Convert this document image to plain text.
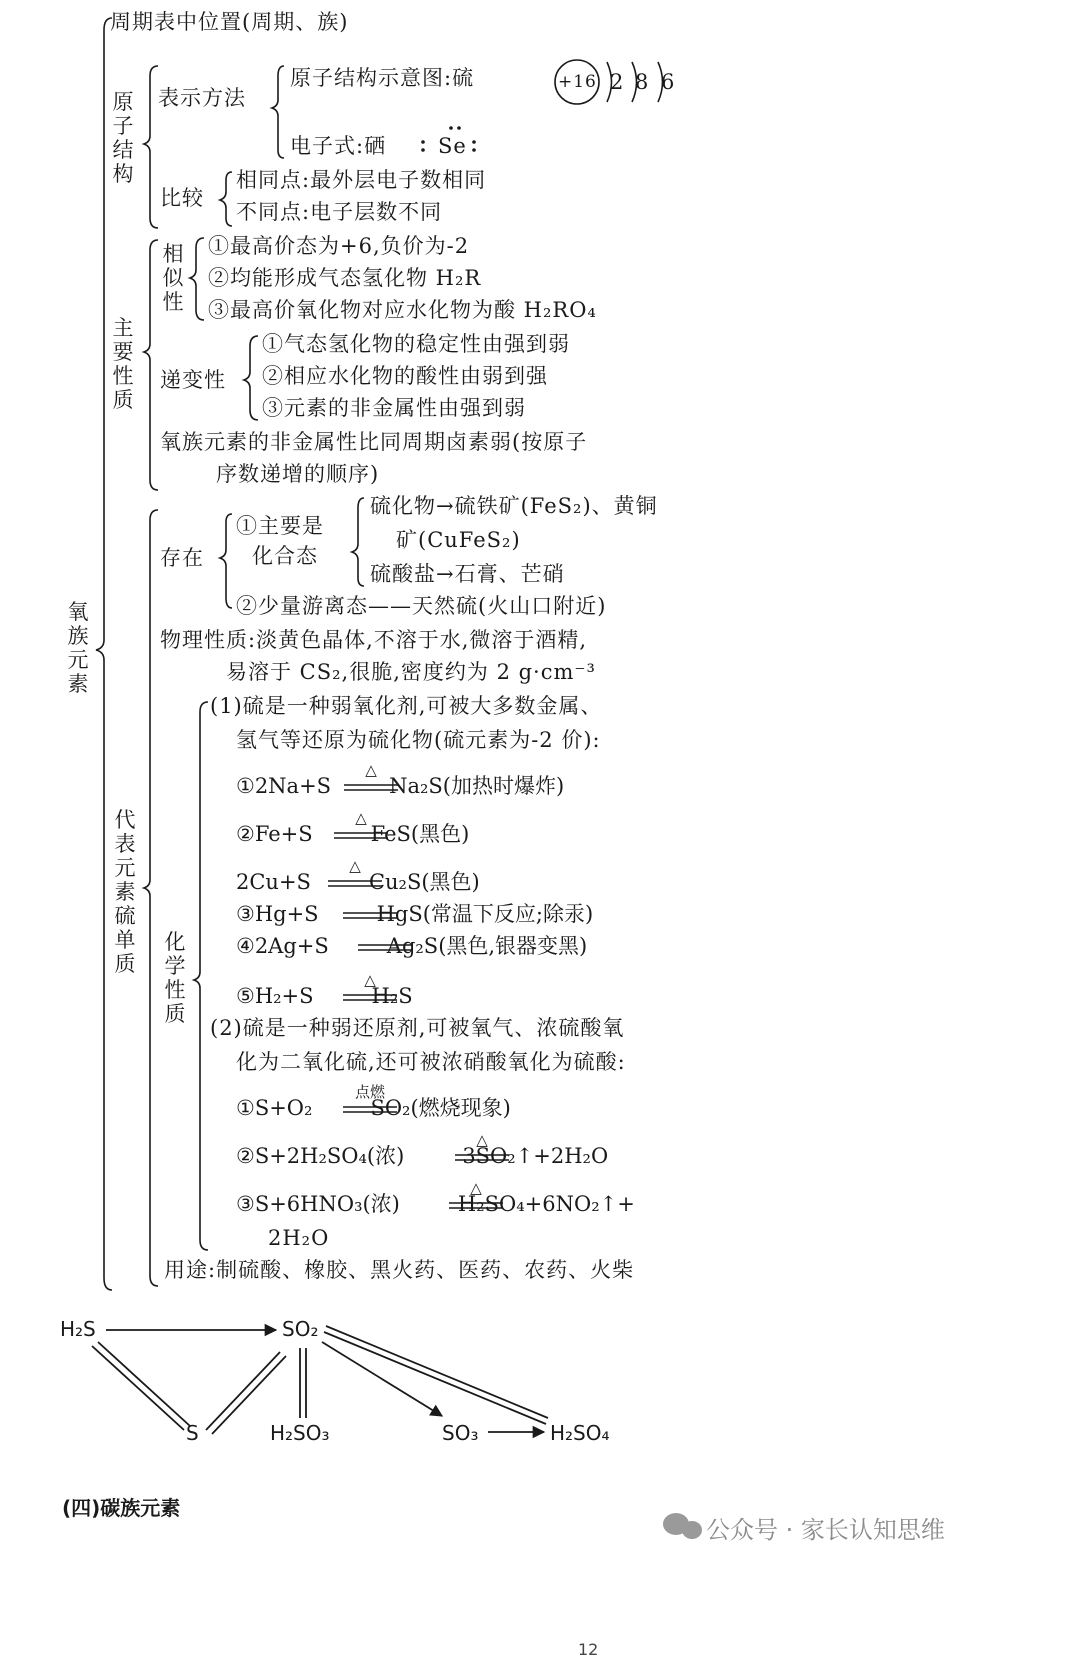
氧族元素
原子结构
主要性质
相似性
代表元素硫单质
化学性质
周期表中位置(周期、族)
表示方法
原子结构示意图:硫	+16 2 8 6
电子式:硒 Se
比较
相同点:最外层电子数相同
不同点:电子层数不同
①最高价态为+6,负价为-2
②均能形成气态氢化物 H₂R
③最高价氧化物对应水化物为酸 H₂RO₄
递变性
①气态氢化物的稳定性由强到弱
②相应水化物的酸性由弱到强
③元素的非金属性由强到弱
氧族元素的非金属性比同周期卤素弱(按原子
序数递增的顺序)
存在
①主要是
化合态
硫化物→硫铁矿(FeS₂)、黄铜
矿(CuFeS₂)
硫酸盐→石膏、芒硝
②少量游离态——天然硫(火山口附近)
物理性质:淡黄色晶体,不溶于水,微溶于酒精,
易溶于 CS₂,很脆,密度约为 2 g·cm⁻³
(1)硫是一种弱氧化剂,可被大多数金属、
氢气等还原为硫化物(硫元素为-2 价):
①2Na+S	Na₂S(加热时爆炸)
△
②Fe+S	FeS(黑色)
△
2Cu+S	Cu₂S(黑色)
△
③Hg+S	HgS(常温下反应;除汞)
④2Ag+S	Ag₂S(黑色,银器变黑)
⑤H₂+S	H₂S
△
(2)硫是一种弱还原剂,可被氧气、浓硫酸氧
化为二氧化硫,还可被浓硝酸氧化为硫酸:
①S+O₂	SO₂(燃烧现象)
点燃
②S+2H₂SO₄(浓)	3SO₂↑+2H₂O
△
③S+6HNO₃(浓)	H₂SO₄+6NO₂↑+
△
2H₂O
用途:制硫酸、橡胶、黑火药、医药、农药、火柴
H₂S	SO₂
S	H₂SO₃	SO₃	H₂SO₄
(四)碳族元素
公众号 · 家长认知思维
12
